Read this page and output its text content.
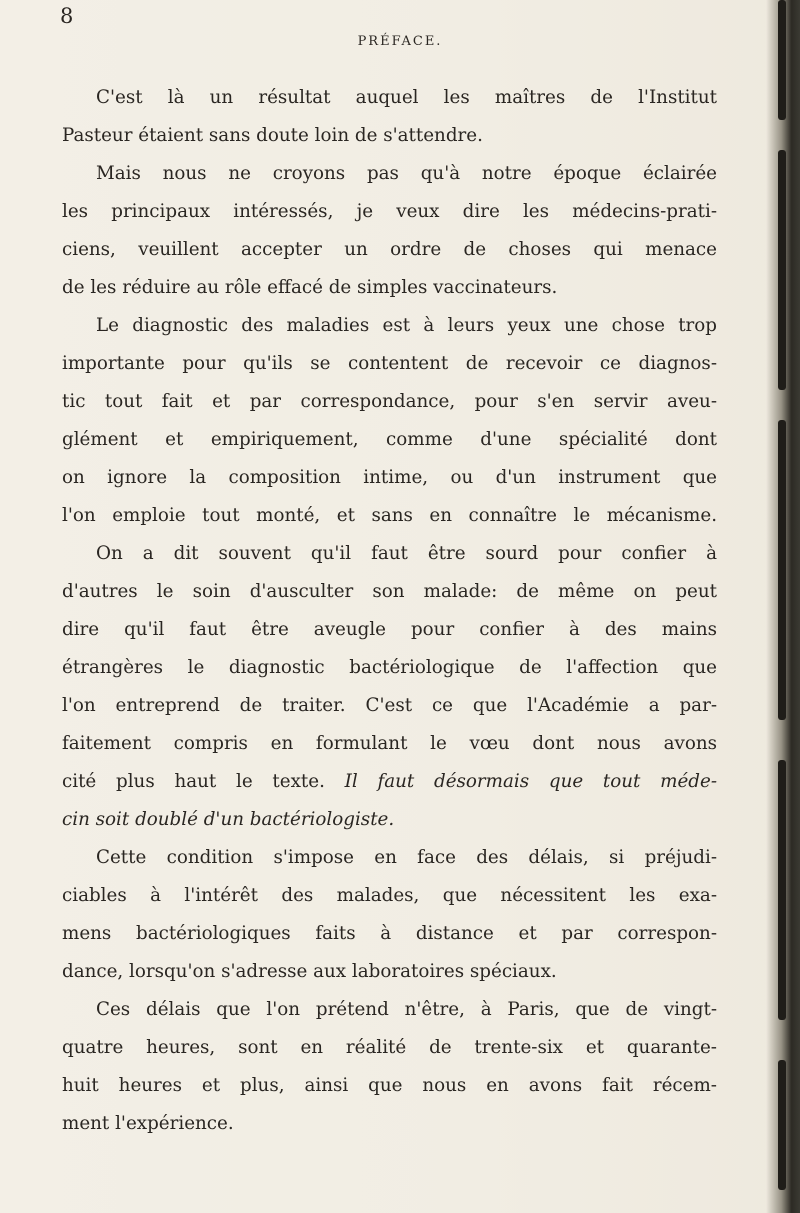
8
PRÉFACE.
C'est là un résultat auquel les maîtres de l'Institut
Pasteur étaient sans doute loin de s'attendre.
Mais nous ne croyons pas qu'à notre époque éclairée
les principaux intéressés, je veux dire les médecins-prati-
ciens, veuillent accepter un ordre de choses qui menace
de les réduire au rôle effacé de simples vaccinateurs.
Le diagnostic des maladies est à leurs yeux une chose trop
importante pour qu'ils se contentent de recevoir ce diagnos-
tic tout fait et par correspondance, pour s'en servir aveu-
glément et empiriquement, comme d'une spécialité dont
on ignore la composition intime, ou d'un instrument que
l'on emploie tout monté, et sans en connaître le mécanisme.
On a dit souvent qu'il faut être sourd pour confier à
d'autres le soin d'ausculter son malade: de même on peut
dire qu'il faut être aveugle pour confier à des mains
étrangères le diagnostic bactériologique de l'affection que
l'on entreprend de traiter. C'est ce que l'Académie a par-
faitement compris en formulant le vœu dont nous avons
cité plus haut le texte. Il faut désormais que tout méde-
cin soit doublé d'un bactériologiste.
Cette condition s'impose en face des délais, si préjudi-
ciables à l'intérêt des malades, que nécessitent les exa-
mens bactériologiques faits à distance et par correspon-
dance, lorsqu'on s'adresse aux laboratoires spéciaux.
Ces délais que l'on prétend n'être, à Paris, que de vingt-
quatre heures, sont en réalité de trente-six et quarante-
huit heures et plus, ainsi que nous en avons fait récem-
ment l'expérience.
